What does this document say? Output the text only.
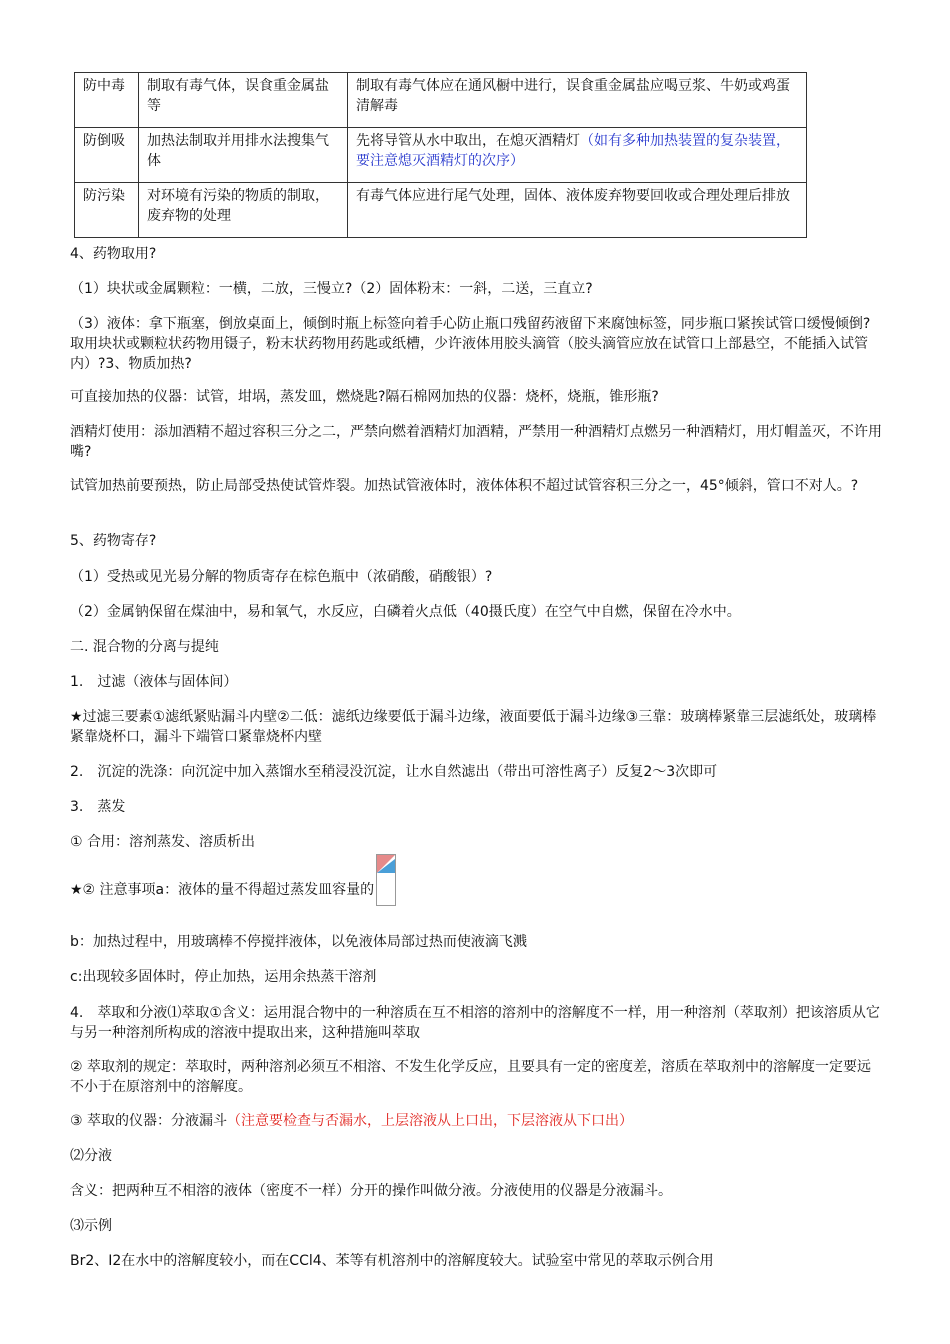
防中毒	制取有毒气体，误食重金属盐等	制取有毒气体应在通风橱中进行，误食重金属盐应喝豆浆、牛奶或鸡蛋清解毒
防倒吸	加热法制取并用排水法搜集气体	先将导管从水中取出，在熄灭酒精灯（如有多种加热装置的复杂装置，要注意熄灭酒精灯的次序）
防污染	对环境有污染的物质的制取，废弃物的处理	有毒气体应进行尾气处理，固体、液体废弃物要回收或合理处理后排放

4、药物取用?

（1）块状或金属颗粒：一横，二放，三慢立?（2）固体粉末：一斜，二送，三直立?

（3）液体：拿下瓶塞，倒放桌面上，倾倒时瓶上标签向着手心防止瓶口残留药液留下来腐蚀标签，同步瓶口紧挨试管口缓慢倾倒?取用块状或颗粒状药物用镊子，粉末状药物用药匙或纸槽，少许液体用胶头滴管（胶头滴管应放在试管口上部悬空，不能插入试管内）?3、物质加热?

可直接加热的仪器：试管，坩埚，蒸发皿，燃烧匙?隔石棉网加热的仪器：烧杯，烧瓶，锥形瓶?

酒精灯使用：添加酒精不超过容积三分之二，严禁向燃着酒精灯加酒精，严禁用一种酒精灯点燃另一种酒精灯，用灯帽盖灭，不许用嘴?

试管加热前要预热，防止局部受热使试管炸裂。加热试管液体时，液体体积不超过试管容积三分之一，45°倾斜，管口不对人。?

5、药物寄存?

（1）受热或见光易分解的物质寄存在棕色瓶中（浓硝酸，硝酸银）?

（2）金属钠保留在煤油中，易和氧气，水反应，白磷着火点低（40摄氏度）在空气中自燃，保留在冷水中。

二. 混合物的分离与提纯

1.　过滤（液体与固体间）

★过滤三要素①滤纸紧贴漏斗内壁②二低：滤纸边缘要低于漏斗边缘，液面要低于漏斗边缘③三靠：玻璃棒紧靠三层滤纸处，玻璃棒紧靠烧杯口，漏斗下端管口紧靠烧杯内壁

2.　沉淀的洗涤：向沉淀中加入蒸馏水至稍浸没沉淀，让水自然滤出（带出可溶性离子）反复2～3次即可

3.　蒸发

① 合用：溶剂蒸发、溶质析出

★② 注意事项a：液体的量不得超过蒸发皿容量的

b：加热过程中，用玻璃棒不停搅拌液体，以免液体局部过热而使液滴飞溅

c:出现较多固体时，停止加热，运用余热蒸干溶剂

4.　萃取和分液⑴萃取①含义：运用混合物中的一种溶质在互不相溶的溶剂中的溶解度不一样，用一种溶剂（萃取剂）把该溶质从它与另一种溶剂所构成的溶液中提取出来，这种措施叫萃取

② 萃取剂的规定：萃取时，两种溶剂必须互不相溶、不发生化学反应，且要具有一定的密度差，溶质在萃取剂中的溶解度一定要远不小于在原溶剂中的溶解度。

③ 萃取的仪器：分液漏斗（注意要检查与否漏水，上层溶液从上口出，下层溶液从下口出）

⑵分液

含义：把两种互不相溶的液体（密度不一样）分开的操作叫做分液。分液使用的仪器是分液漏斗。

⑶示例

Br2、I2在水中的溶解度较小，而在CCl4、苯等有机溶剂中的溶解度较大。试验室中常见的萃取示例合用
